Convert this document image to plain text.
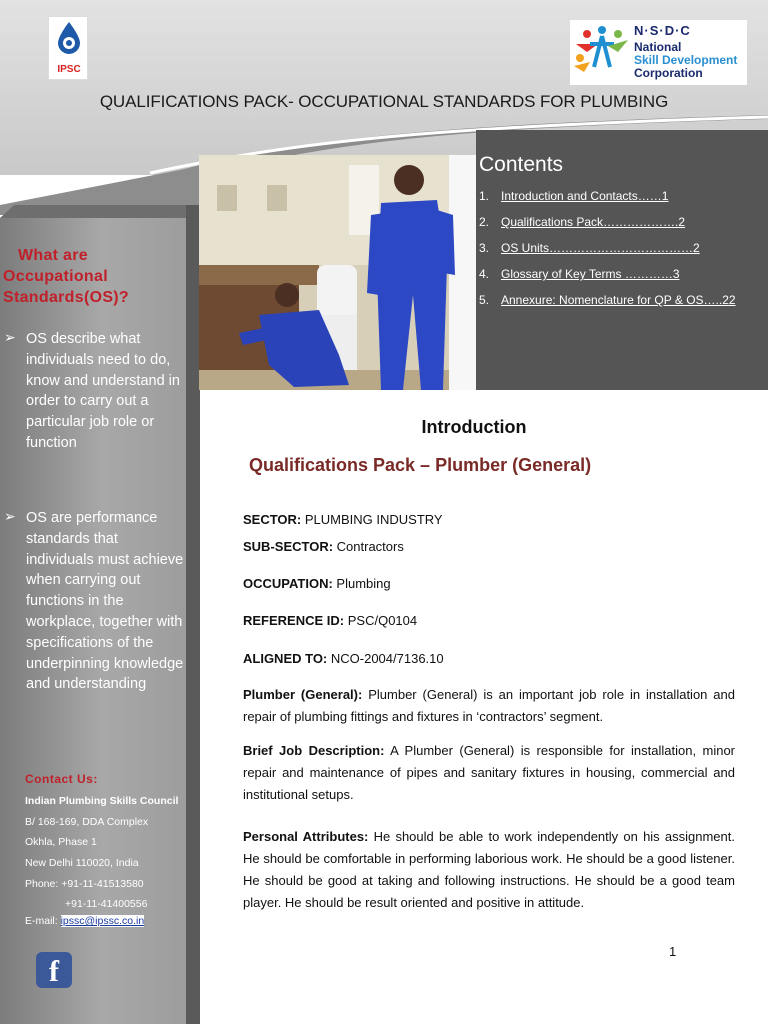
IPSC
N·S·D·C
National
Skill Development
Corporation
QUALIFICATIONS PACK- OCCUPATIONAL STANDARDS FOR PLUMBING
What are
Occupational
Standards(OS)?
➢ OS describe what individuals need to do, know and understand in order to carry out a particular job role or function
➢ OS are performance standards that individuals must achieve when carrying out functions in the workplace, together with specifications of the underpinning knowledge and understanding
Contact Us:
Indian Plumbing Skills Council
B/ 168-169, DDA Complex
Okhla, Phase 1
New Delhi 110020, India
Phone: +91-11-41513580
+91-11-41400556
E-mail: ipssc@ipssc.co.in
f
Contents
1. Introduction and Contacts……1
2. Qualifications Pack……………….2
3. OS Units………………………………2
4. Glossary of Key Terms …………3
5. Annexure: Nomenclature for QP & OS…..22
Introduction
Qualifications Pack – Plumber (General)
SECTOR: PLUMBING INDUSTRY
SUB-SECTOR: Contractors
OCCUPATION: Plumbing
REFERENCE ID: PSC/Q0104
ALIGNED TO: NCO-2004/7136.10
Plumber (General): Plumber (General) is an important job role in installation and repair of plumbing fittings and fixtures in ‘contractors’ segment.
Brief Job Description: A Plumber (General) is responsible for installation, minor repair and maintenance of pipes and sanitary fixtures in housing, commercial and institutional setups.
Personal Attributes: He should be able to work independently on his assignment. He should be comfortable in performing laborious work. He should be a good listener. He should be good at taking and following instructions. He should be a good team player. He should be result oriented and positive in attitude.
1
